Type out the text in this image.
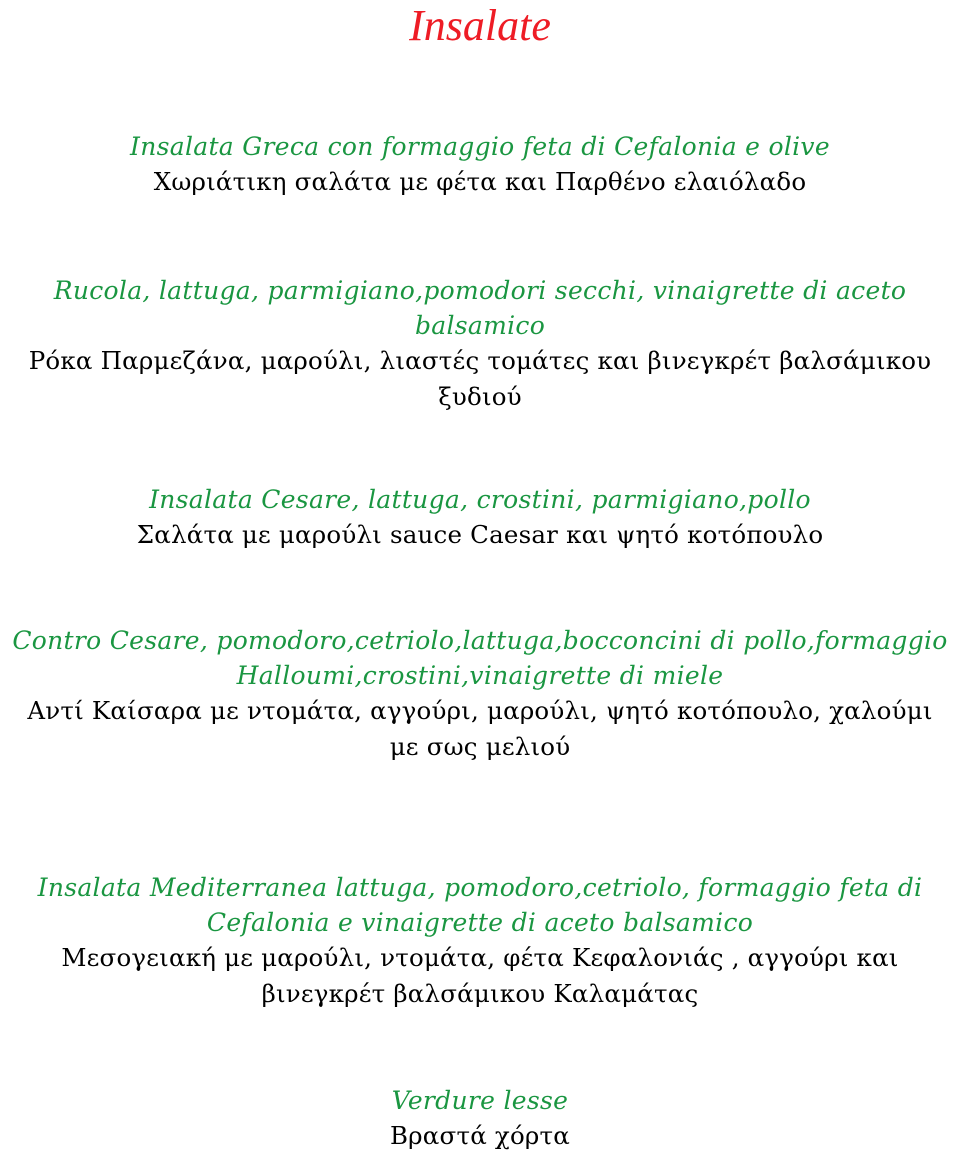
Insalate
Insalata Greca con formaggio feta di Cefalonia e olive
Χωριάτικη σαλάτα με φέτα και Παρθένο ελαιόλαδο
Rucola, lattuga, parmigiano,pomodori secchi, vinaigrette di aceto
balsamico
Ρόκα Παρμεζάνα, μαρούλι, λιαστές τομάτες και βινεγκρέτ βαλσάμικου
ξυδιού
Insalata Cesare, lattuga, crostini, parmigiano,pollo
Σαλάτα με μαρούλι sauce Caesar και ψητό κοτόπουλο
Contro Cesare, pomodoro,cetriolo,lattuga,bocconcini di pollo,formaggio
Halloumi,crostini,vinaigrette di miele
Αντί Καίσαρα με ντομάτα, αγγούρι, μαρούλι, ψητό κοτόπουλο, χαλούμι
με σως μελιού
Insalata Mediterranea lattuga, pomodoro,cetriolo, formaggio feta di
Cefalonia e vinaigrette di aceto balsamico
Μεσογειακή με μαρούλι, ντομάτα, φέτα Κεφαλονιάς , αγγούρι και
βινεγκρέτ βαλσάμικου Καλαμάτας
Verdure lesse
Βραστά χόρτα
